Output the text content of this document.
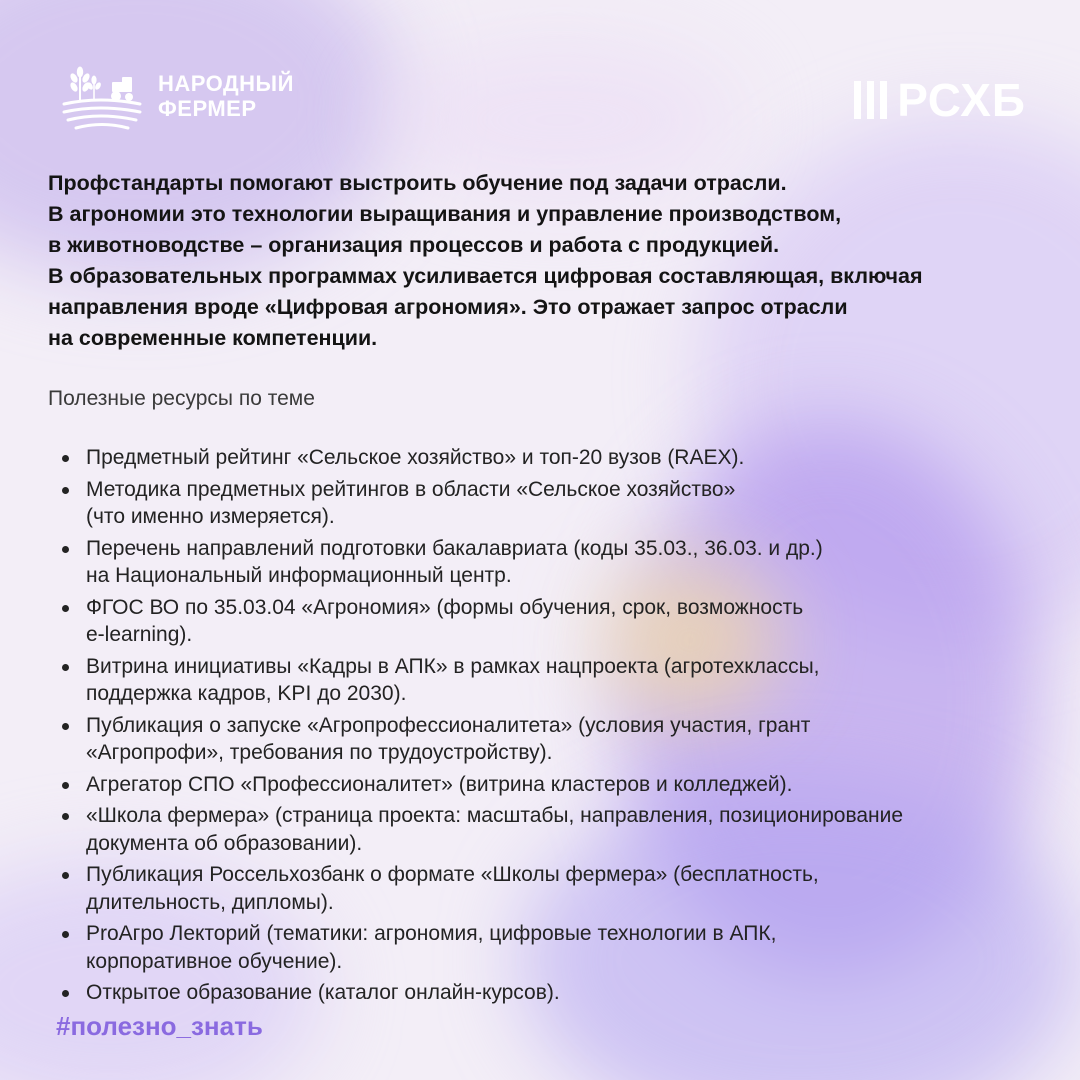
НАРОДНЫЙ
ФЕРМЕР	РСХБ
Профстандарты помогают выстроить обучение под задачи отрасли.
В агрономии это технологии выращивания и управление производством,
в животноводстве – организация процессов и работа с продукцией.
В образовательных программах усиливается цифровая составляющая, включая
направления вроде «Цифровая агрономия». Это отражает запрос отрасли
на современные компетенции.
Полезные ресурсы по теме
Предметный рейтинг «Сельское хозяйство» и топ-20 вузов (RAEX).
Методика предметных рейтингов в области «Сельское хозяйство»
(что именно измеряется).
Перечень направлений подготовки бакалавриата (коды 35.03., 36.03. и др.)
на Национальный информационный центр.
ФГОС ВО по 35.03.04 «Агрономия» (формы обучения, срок, возможность
e-learning).
Витрина инициативы «Кадры в АПК» в рамках нацпроекта (агротехклассы,
поддержка кадров, KPI до 2030).
Публикация о запуске «Агропрофессионалитета» (условия участия, грант
«Агропрофи», требования по трудоустройству).
Агрегатор СПО «Профессионалитет» (витрина кластеров и колледжей).
«Школа фермера» (страница проекта: масштабы, направления, позиционирование
документа об образовании).
Публикация Россельхозбанк о формате «Школы фермера» (бесплатность,
длительность, дипломы).
ProАгро Лекторий (тематики: агрономия, цифровые технологии в АПК,
корпоративное обучение).
Открытое образование (каталог онлайн-курсов).
#полезно_знать
